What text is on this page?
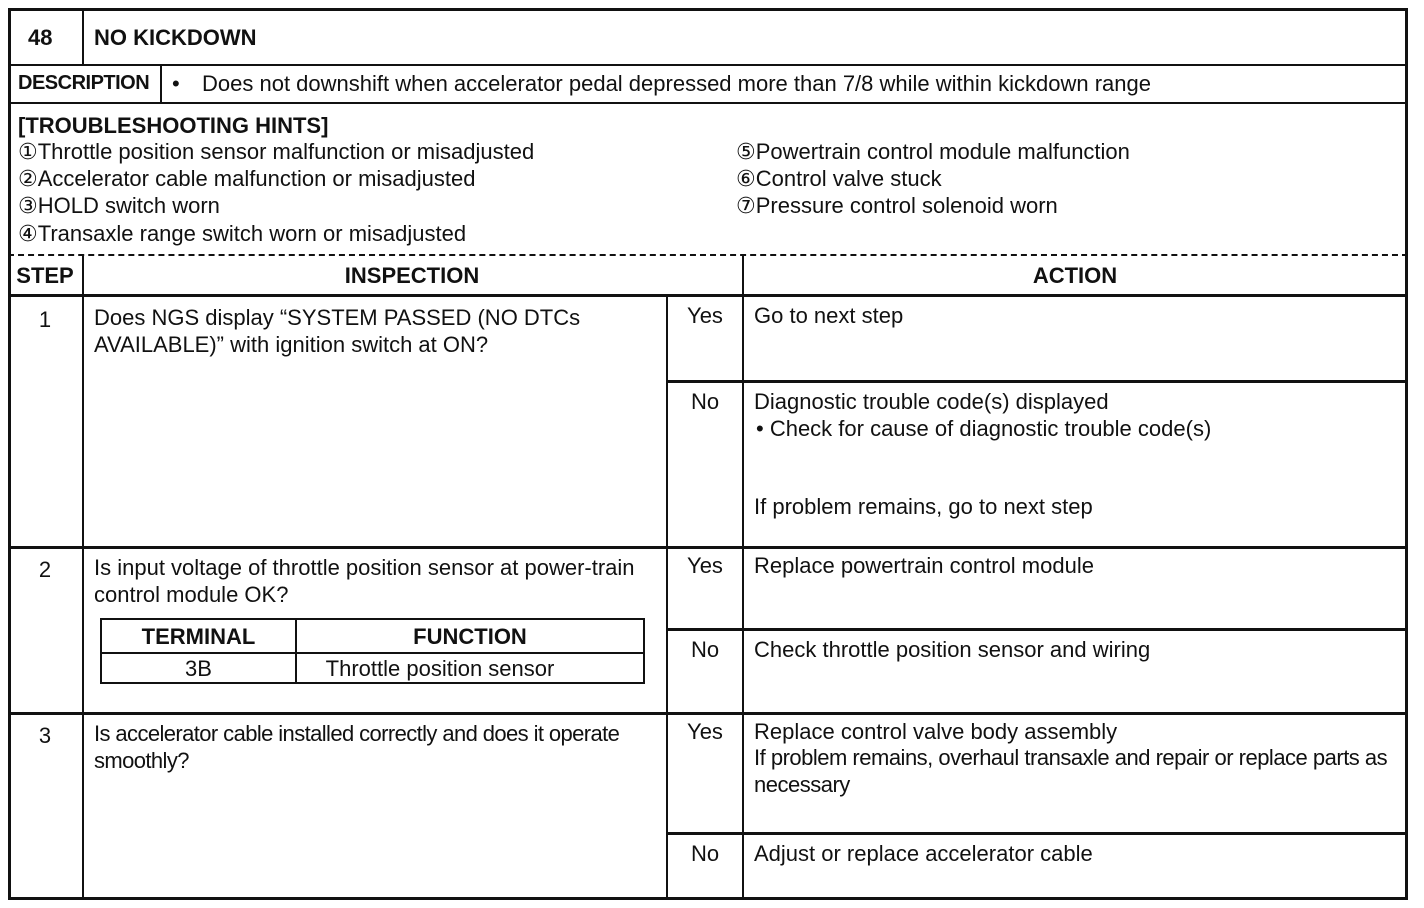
48 NO KICKDOWN
DESCRIPTION • Does not downshift when accelerator pedal depressed more than 7/8 while within kickdown range
[TROUBLESHOOTING HINTS]
①Throttle position sensor malfunction or misadjusted
②Accelerator cable malfunction or misadjusted
③HOLD switch worn
④Transaxle range switch worn or misadjusted
⑤Powertrain control module malfunction
⑥Control valve stuck
⑦Pressure control solenoid worn
STEP	INSPECTION	ACTION
1	Does NGS display “SYSTEM PASSED (NO DTCs AVAILABLE)” with ignition switch at ON?
Yes	Go to next step
No	Diagnostic trouble code(s) displayed
• Check for cause of diagnostic trouble code(s)
If problem remains, go to next step
2	Is input voltage of throttle position sensor at power-train control module OK?
TERMINAL	FUNCTION
3B	Throttle position sensor
Yes	Replace powertrain control module
No	Check throttle position sensor and wiring
3	Is accelerator cable installed correctly and does it operate smoothly?
Yes	Replace control valve body assembly
If problem remains, overhaul transaxle and repair or replace parts as necessary
No	Adjust or replace accelerator cable
